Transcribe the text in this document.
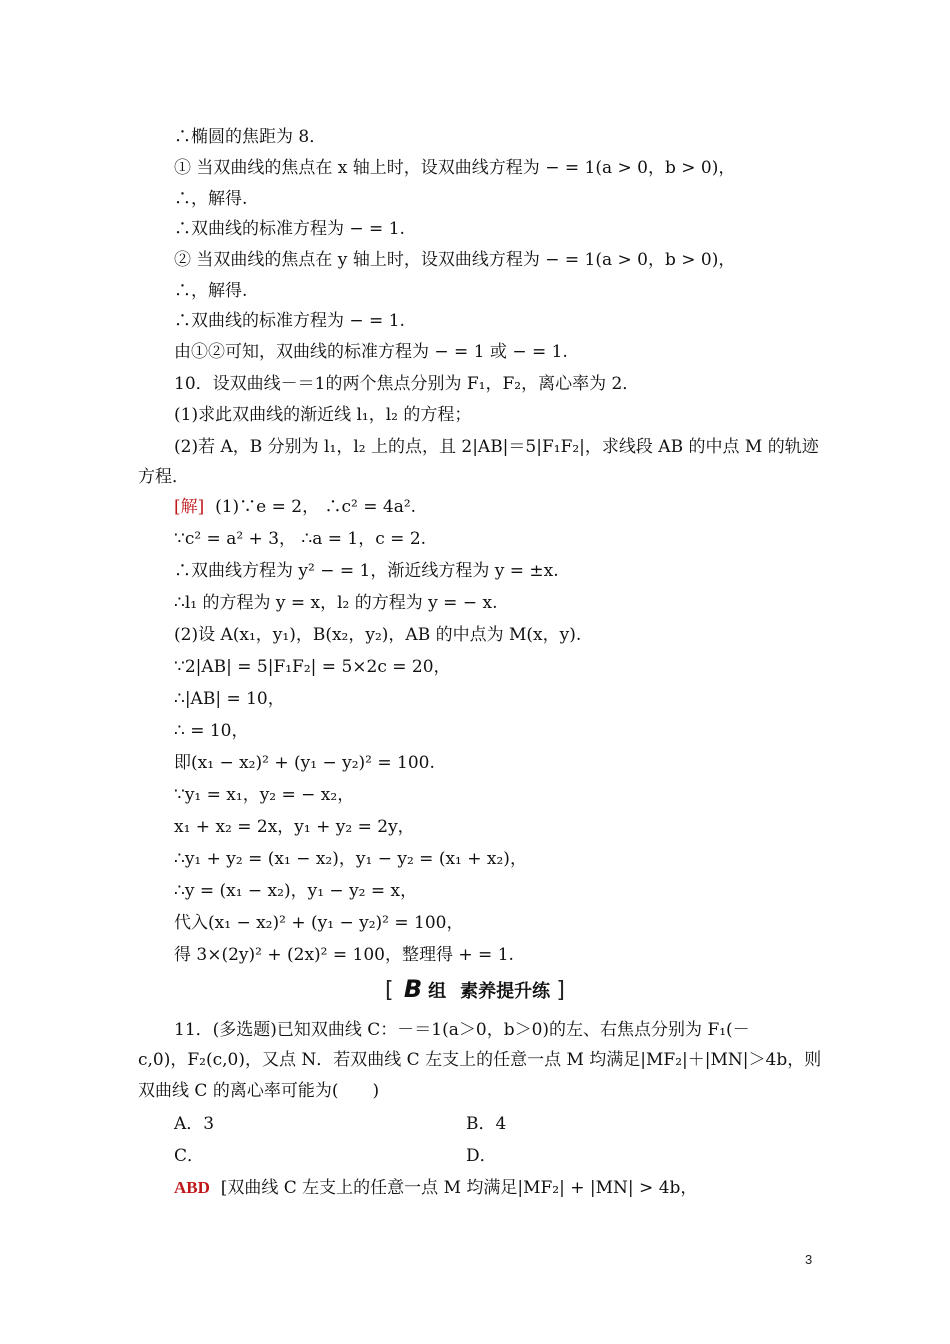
∴椭圆的焦距为 8．
① 当双曲线的焦点在 x 轴上时，设双曲线方程为 − = 1(a > 0，b > 0)，
∴，解得.
∴双曲线的标准方程为 − = 1.
② 当双曲线的焦点在 y 轴上时，设双曲线方程为 − = 1(a > 0，b > 0)，
∴，解得.
∴双曲线的标准方程为 − = 1.
由①②可知，双曲线的标准方程为 − = 1 或 − = 1.
10．设双曲线－＝1的两个焦点分别为 F₁，F₂，离心率为 2．
(1)求此双曲线的渐近线 l₁，l₂ 的方程；
(2)若 A，B 分别为 l₁，l₂ 上的点，且 2|AB|＝5|F₁F₂|，求线段 AB 的中点 M 的轨迹
方程．
[解] (1)∵e = 2， ∴c² = 4a².
∵c² = a² + 3， ∴a = 1，c = 2.
∴双曲线方程为 y² − = 1，渐近线方程为 y = ±x.
∴l₁ 的方程为 y = x，l₂ 的方程为 y = − x.
(2)设 A(x₁，y₁)，B(x₂，y₂)，AB 的中点为 M(x，y).
∵2|AB| = 5|F₁F₂| = 5×2c = 20，
∴|AB| = 10，
∴ = 10，
即(x₁ − x₂)² + (y₁ − y₂)² = 100.
∵y₁ = x₁，y₂ = − x₂，
x₁ + x₂ = 2x，y₁ + y₂ = 2y，
∴y₁ + y₂ = (x₁ − x₂)，y₁ − y₂ = (x₁ + x₂)，
∴y = (x₁ − x₂)，y₁ − y₂ = x，
代入(x₁ − x₂)² + (y₁ − y₂)² = 100，
得 3×(2y)² + (2x)² = 100，整理得 + = 1.
[ B 组 素养提升练 ]
11．(多选题)已知双曲线 C：－＝1(a＞0，b＞0)的左、右焦点分别为 F₁(－
c,0)，F₂(c,0)，又点 N．若双曲线 C 左支上的任意一点 M 均满足|MF₂|＋|MN|＞4b，则
双曲线 C 的离心率可能为(　　)
A．3	B．4
C．	D．
ABD [双曲线 C 左支上的任意一点 M 均满足|MF₂| + |MN| > 4b，
3
